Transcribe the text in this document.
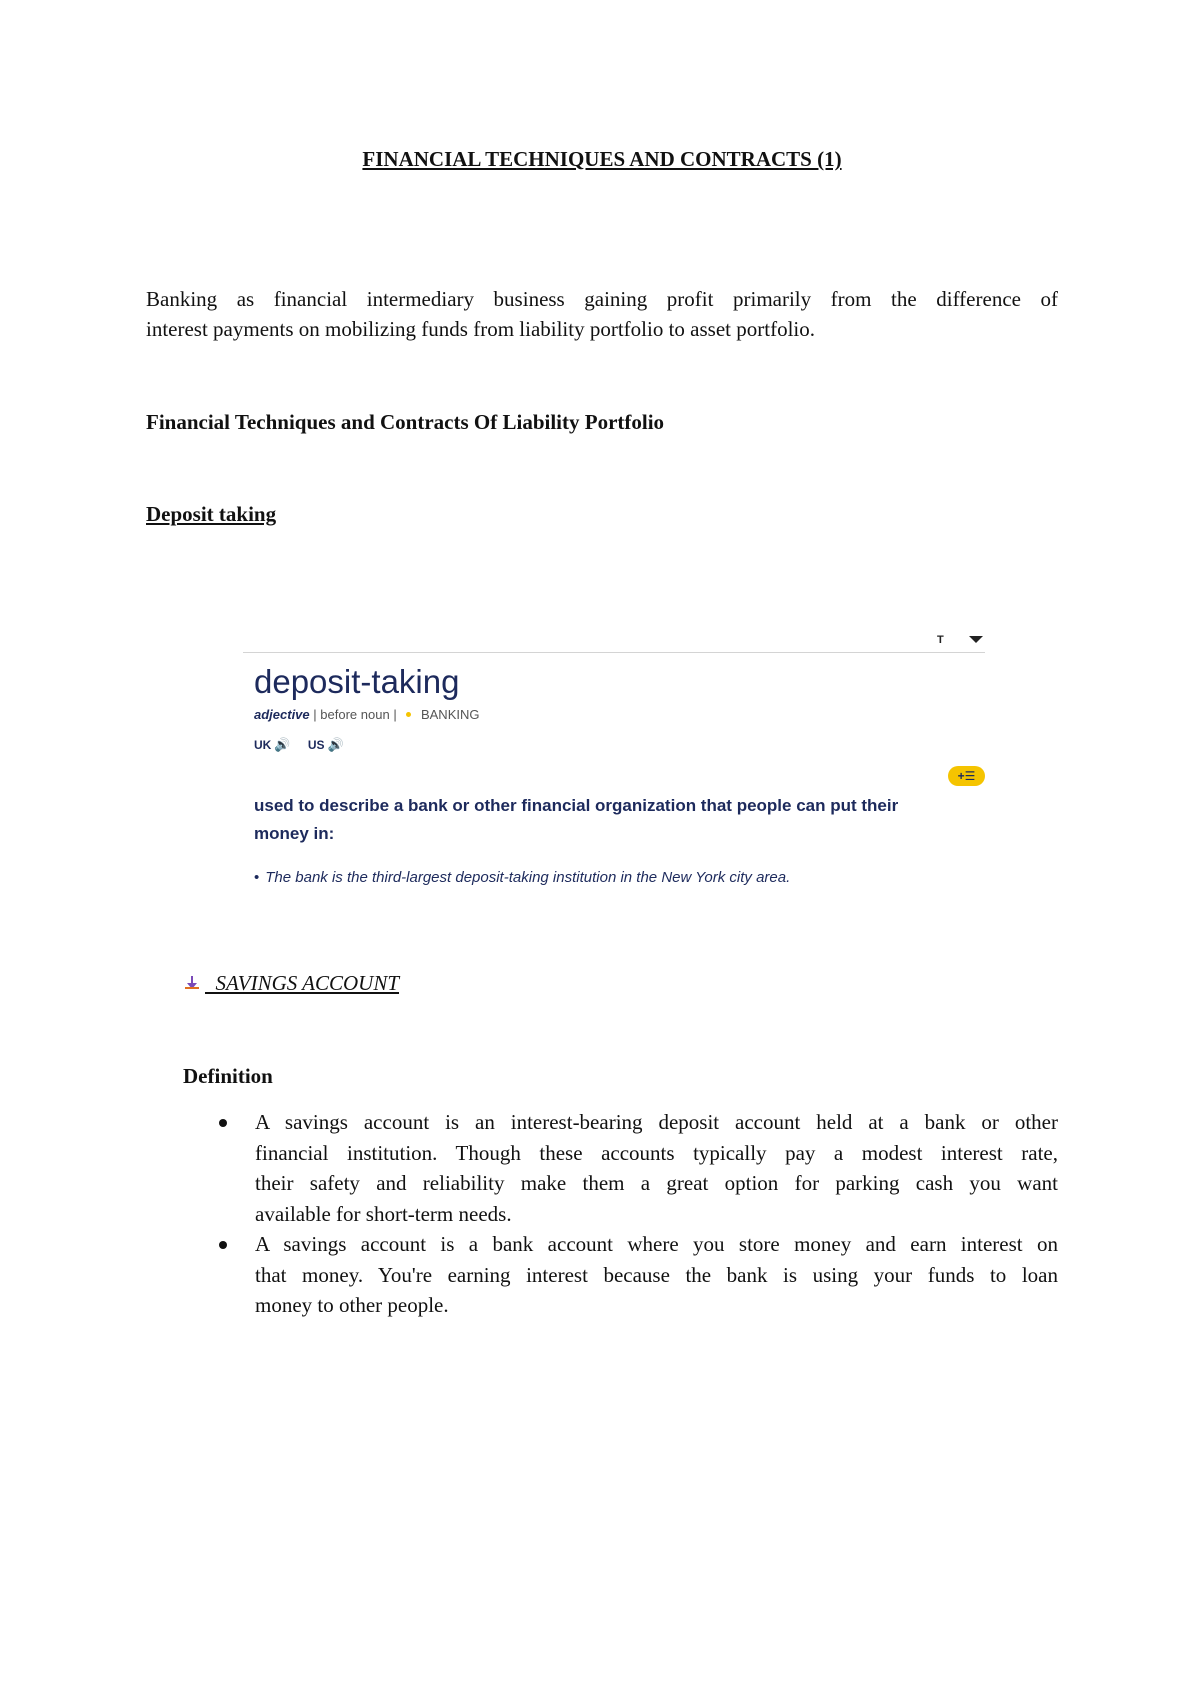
FINANCIAL TECHNIQUES AND CONTRACTS (1)

Banking as financial intermediary business gaining profit primarily from the difference of
interest payments on mobilizing funds from liability portfolio to asset portfolio.

Financial Techniques and Contracts Of Liability Portfolio
Deposit taking
T
deposit-taking
adjective | before noun | BANKING
UK 🔊 US 🔊
+☰
used to describe a bank or other financial organization that people can put their
money in:
• The bank is the third-largest deposit-taking institution in the New York city area.
SAVINGS ACCOUNT
Definition
A savings account is an interest-bearing deposit account held at a bank or other
financial institution. Though these accounts typically pay a modest interest rate,
their safety and reliability make them a great option for parking cash you want
available for short-term needs.
A savings account is a bank account where you store money and earn interest on
that money. You're earning interest because the bank is using your funds to loan
money to other people.
